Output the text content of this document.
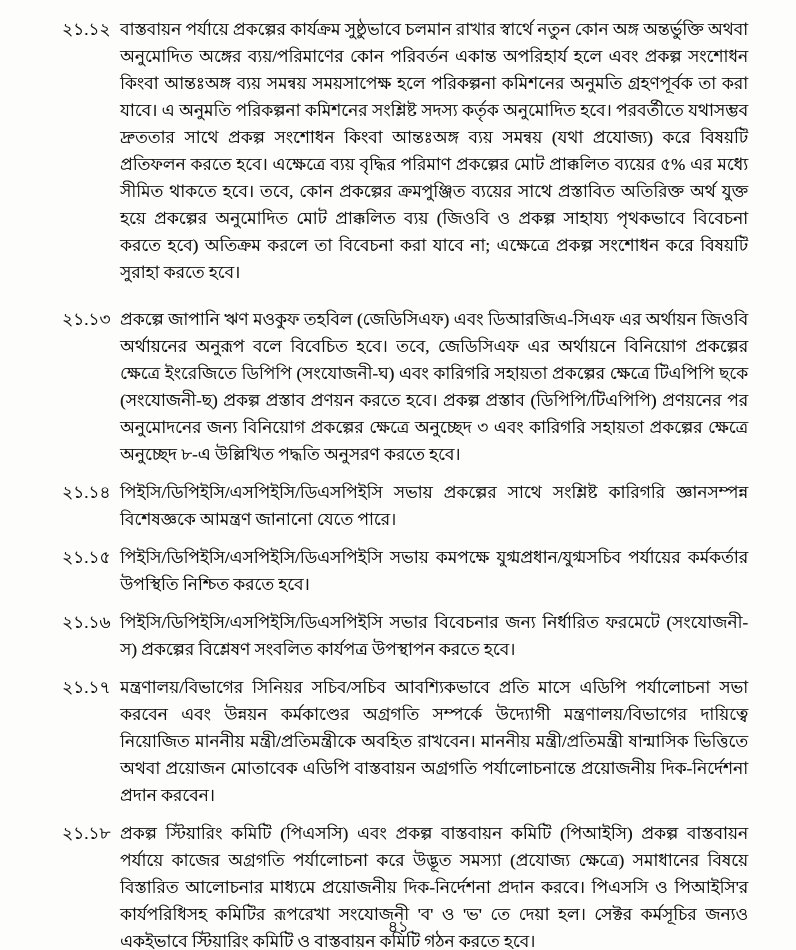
২১.১২ বাস্তবায়ন পর্যায়ে প্রকল্পের কার্যক্রম সুষ্ঠুভাবে চলমান রাখার স্বার্থে নতুন কোন অঙ্গ অন্তর্ভুক্তি অথবা অনুমোদিত অঙ্গের ব্যয়/পরিমাণের কোন পরিবর্তন একান্ত অপরিহার্য হলে এবং প্রকল্প সংশোধন কিংবা আন্তঃঅঙ্গ ব্যয় সমন্বয় সময়সাপেক্ষ হলে পরিকল্পনা কমিশনের অনুমতি গ্রহণপূর্বক তা করা যাবে। এ অনুমতি পরিকল্পনা কমিশনের সংশ্লিষ্ট সদস্য কর্তৃক অনুমোদিত হবে। পরবর্তীতে যথাসম্ভব দ্রুততার সাথে প্রকল্প সংশোধন কিংবা আন্তঃঅঙ্গ ব্যয় সমন্বয় (যথা প্রযোজ্য) করে বিষয়টি প্রতিফলন করতে হবে। এক্ষেত্রে ব্যয় বৃদ্ধির পরিমাণ প্রকল্পের মোট প্রাক্কলিত ব্যয়ের ৫% এর মধ্যে সীমিত থাকতে হবে। তবে, কোন প্রকল্পের ক্রমপুঞ্জিত ব্যয়ের সাথে প্রস্তাবিত অতিরিক্ত অর্থ যুক্ত হয়ে প্রকল্পের অনুমোদিত মোট প্রাক্কলিত ব্যয় (জিওবি ও প্রকল্প সাহায্য পৃথকভাবে বিবেচনা করতে হবে) অতিক্রম করলে তা বিবেচনা করা যাবে না; এক্ষেত্রে প্রকল্প সংশোধন করে বিষয়টি সুরাহা করতে হবে।
২১.১৩ প্রকল্পে জাপানি ঋণ মওকুফ তহবিল (জেডিসিএফ) এবং ডিআরজিএ-সিএফ এর অর্থায়ন জিওবি অর্থায়নের অনুরূপ বলে বিবেচিত হবে। তবে, জেডিসিএফ এর অর্থায়নে বিনিয়োগ প্রকল্পের ক্ষেত্রে ইংরেজিতে ডিপিপি (সংযোজনী-ঘ) এবং কারিগরি সহায়তা প্রকল্পের ক্ষেত্রে টিএপিপি ছকে (সংযোজনী-ছ) প্রকল্প প্রস্তাব প্রণয়ন করতে হবে। প্রকল্প প্রস্তাব (ডিপিপি/টিএপিপি) প্রণয়নের পর অনুমোদনের জন্য বিনিয়োগ প্রকল্পের ক্ষেত্রে অনুচ্ছেদ ৩ এবং কারিগরি সহায়তা প্রকল্পের ক্ষেত্রে অনুচ্ছেদ ৮-এ উল্লিখিত পদ্ধতি অনুসরণ করতে হবে।
২১.১৪ পিইসি/ডিপিইসি/এসপিইসি/ডিএসপিইসি সভায় প্রকল্পের সাথে সংশ্লিষ্ট কারিগরি জ্ঞানসম্পন্ন বিশেষজ্ঞকে আমন্ত্রণ জানানো যেতে পারে।
২১.১৫ পিইসি/ডিপিইসি/এসপিইসি/ডিএসপিইসি সভায় কমপক্ষে যুগ্মপ্রধান/যুগ্মসচিব পর্যায়ের কর্মকর্তার উপস্থিতি নিশ্চিত করতে হবে।
২১.১৬ পিইসি/ডিপিইসি/এসপিইসি/ডিএসপিইসি সভার বিবেচনার জন্য নির্ধারিত ফরমেটে (সংযোজনী-স) প্রকল্পের বিশ্লেষণ সংবলিত কার্যপত্র উপস্থাপন করতে হবে।
২১.১৭ মন্ত্রণালয়/বিভাগের সিনিয়র সচিব/সচিব আবশ্যিকভাবে প্রতি মাসে এডিপি পর্যালোচনা সভা করবেন এবং উন্নয়ন কর্মকাণ্ডের অগ্রগতি সম্পর্কে উদ্যোগী মন্ত্রণালয়/বিভাগের দায়িত্বে নিয়োজিত মাননীয় মন্ত্রী/প্রতিমন্ত্রীকে অবহিত রাখবেন। মাননীয় মন্ত্রী/প্রতিমন্ত্রী ষান্মাসিক ভিত্তিতে অথবা প্রয়োজন মোতাবেক এডিপি বাস্তবায়ন অগ্রগতি পর্যালোচনান্তে প্রয়োজনীয় দিক-নির্দেশনা প্রদান করবেন।
২১.১৮ প্রকল্প স্টিয়ারিং কমিটি (পিএসসি) এবং প্রকল্প বাস্তবায়ন কমিটি (পিআইসি) প্রকল্প বাস্তবায়ন পর্যায়ে কাজের অগ্রগতি পর্যালোচনা করে উদ্ভূত সমস্যা (প্রযোজ্য ক্ষেত্রে) সমাধানের বিষয়ে বিস্তারিত আলোচনার মাধ্যমে প্রয়োজনীয় দিক-নির্দেশনা প্রদান করবে। পিএসসি ও পিআইসি'র কার্যপরিধিসহ কমিটির রূপরেখা সংযোজনী 'ব' ও 'ভ' তে দেয়া হল। সেক্টর কর্মসূচির জন্যও একইভাবে স্টিয়ারিং কমিটি ও বাস্তবায়ন কমিটি গঠন করতে হবে।
৪১
